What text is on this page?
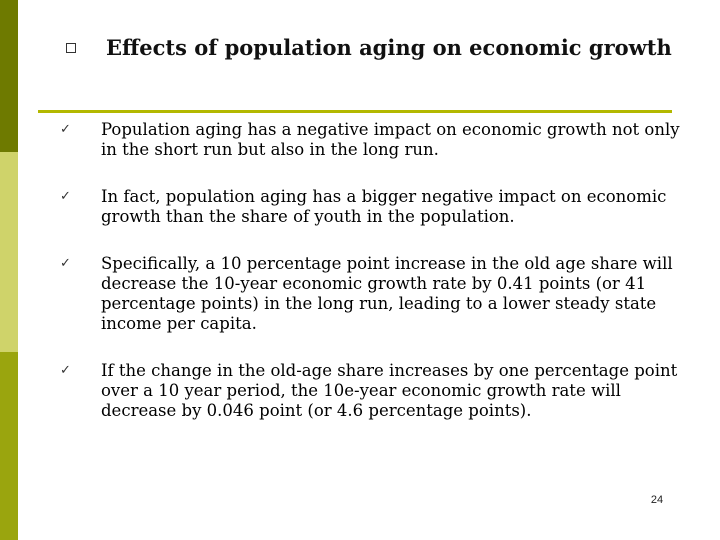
Effects of population aging on economic growth
✓ Population aging has a negative impact on economic growth not only in the short run but also in the long run.
✓ In fact, population aging has a bigger negative impact on economic growth than the share of youth in the population.
✓ Specifically, a 10 percentage point increase in the old age share will decrease the 10-year economic growth rate by 0.41 points (or 41 percentage points) in the long run, leading to a lower steady state income per capita.
✓ If the change in the old-age share increases by one percentage point over a 10 year period, the 10e-year economic growth rate will decrease by 0.046 point (or 4.6 percentage points).
24
